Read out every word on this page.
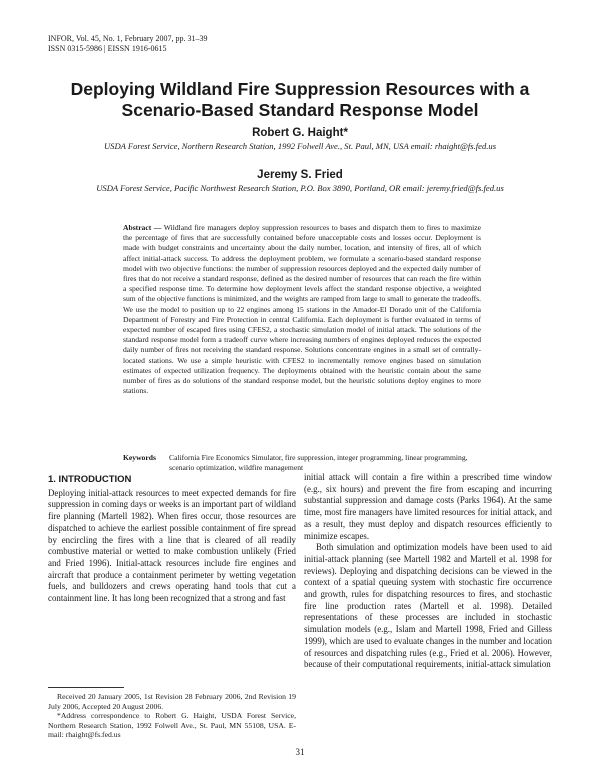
INFOR, Vol. 45, No. 1, February 2007, pp. 31–39
ISSN 0315-5986 | EISSN 1916-0615
Deploying Wildland Fire Suppression Resources with a
Scenario-Based Standard Response Model
Robert G. Haight*
USDA Forest Service, Northern Research Station, 1992 Folwell Ave., St. Paul, MN, USA email: rhaight@fs.fed.us
Jeremy S. Fried
USDA Forest Service, Pacific Northwest Research Station, P.O. Box 3890, Portland, OR email: jeremy.fried@fs.fed.us
Abstract — Wildland fire managers deploy suppression resources to bases and dispatch them to fires to maximize the percentage of fires that are successfully contained before unacceptable costs and losses occur. Deployment is made with budget constraints and uncertainty about the daily number, location, and intensity of fires, all of which affect initial-attack success. To address the deployment problem, we formulate a scenario-based standard response model with two objective functions: the number of suppression resources deployed and the expected daily number of fires that do not receive a standard response, defined as the desired number of resources that can reach the fire within a specified response time. To determine how deployment levels affect the standard response objective, a weighted sum of the objective functions is minimized, and the weights are ramped from large to small to generate the tradeoffs. We use the model to position up to 22 engines among 15 stations in the Amador-El Dorado unit of the California Department of Forestry and Fire Protection in central California. Each deployment is further evaluated in terms of expected number of escaped fires using CFES2, a stochastic simulation model of initial attack. The solutions of the standard response model form a tradeoff curve where increasing numbers of engines deployed reduces the expected daily number of fires not receiving the standard response. Solutions concentrate engines in a small set of centrally-located stations. We use a simple heuristic with CFES2 to incrementally remove engines based on simulation estimates of expected utilization frequency. The deployments obtained with the heuristic contain about the same number of fires as do solutions of the standard response model, but the heuristic solutions deploy engines to more stations.
Keywords	California Fire Economics Simulator, fire suppression, integer programming, linear programming, scenario optimization, wildfire management
1. INTRODUCTION

Deploying initial-attack resources to meet expected demands for fire suppression in coming days or weeks is an important part of wildland fire planning (Martell 1982). When fires occur, those resources are dispatched to achieve the earliest possible containment of fire spread by encircling the fires with a line that is cleared of all readily combustive material or wetted to make combustion unlikely (Fried and Fried 1996). Initial-attack resources include fire engines and aircraft that produce a containment perimeter by wetting vegetation fuels, and bulldozers and crews operating hand tools that cut a containment line. It has long been recognized that a strong and fast

initial attack will contain a fire within a prescribed time window (e.g., six hours) and prevent the fire from escaping and incurring substantial suppression and damage costs (Parks 1964). At the same time, most fire managers have limited resources for initial attack, and as a result, they must deploy and dispatch resources efficiently to minimize escapes.

Both simulation and optimization models have been used to aid initial-attack planning (see Martell 1982 and Martell et al. 1998 for reviews). Deploying and dispatching decisions can be viewed in the context of a spatial queuing system with stochastic fire occurrence and growth, rules for dispatching resources to fires, and stochastic fire line production rates (Martell et al. 1998). Detailed representations of these processes are included in stochastic simulation models (e.g., Islam and Martell 1998, Fried and Gilless 1999), which are used to evaluate changes in the number and location of resources and dispatching rules (e.g., Fried et al. 2006). However, because of their computational requirements, initial-attack simulation

Received 20 January 2005, 1st Revision 28 February 2006, 2nd Revision 19 July 2006, Accepted 20 August 2006.

*Address correspondence to Robert G. Haight, USDA Forest Service, Northern Research Station, 1992 Folwell Ave., St. Paul, MN 55108, USA. E-mail: rhaight@fs.fed.us

31
